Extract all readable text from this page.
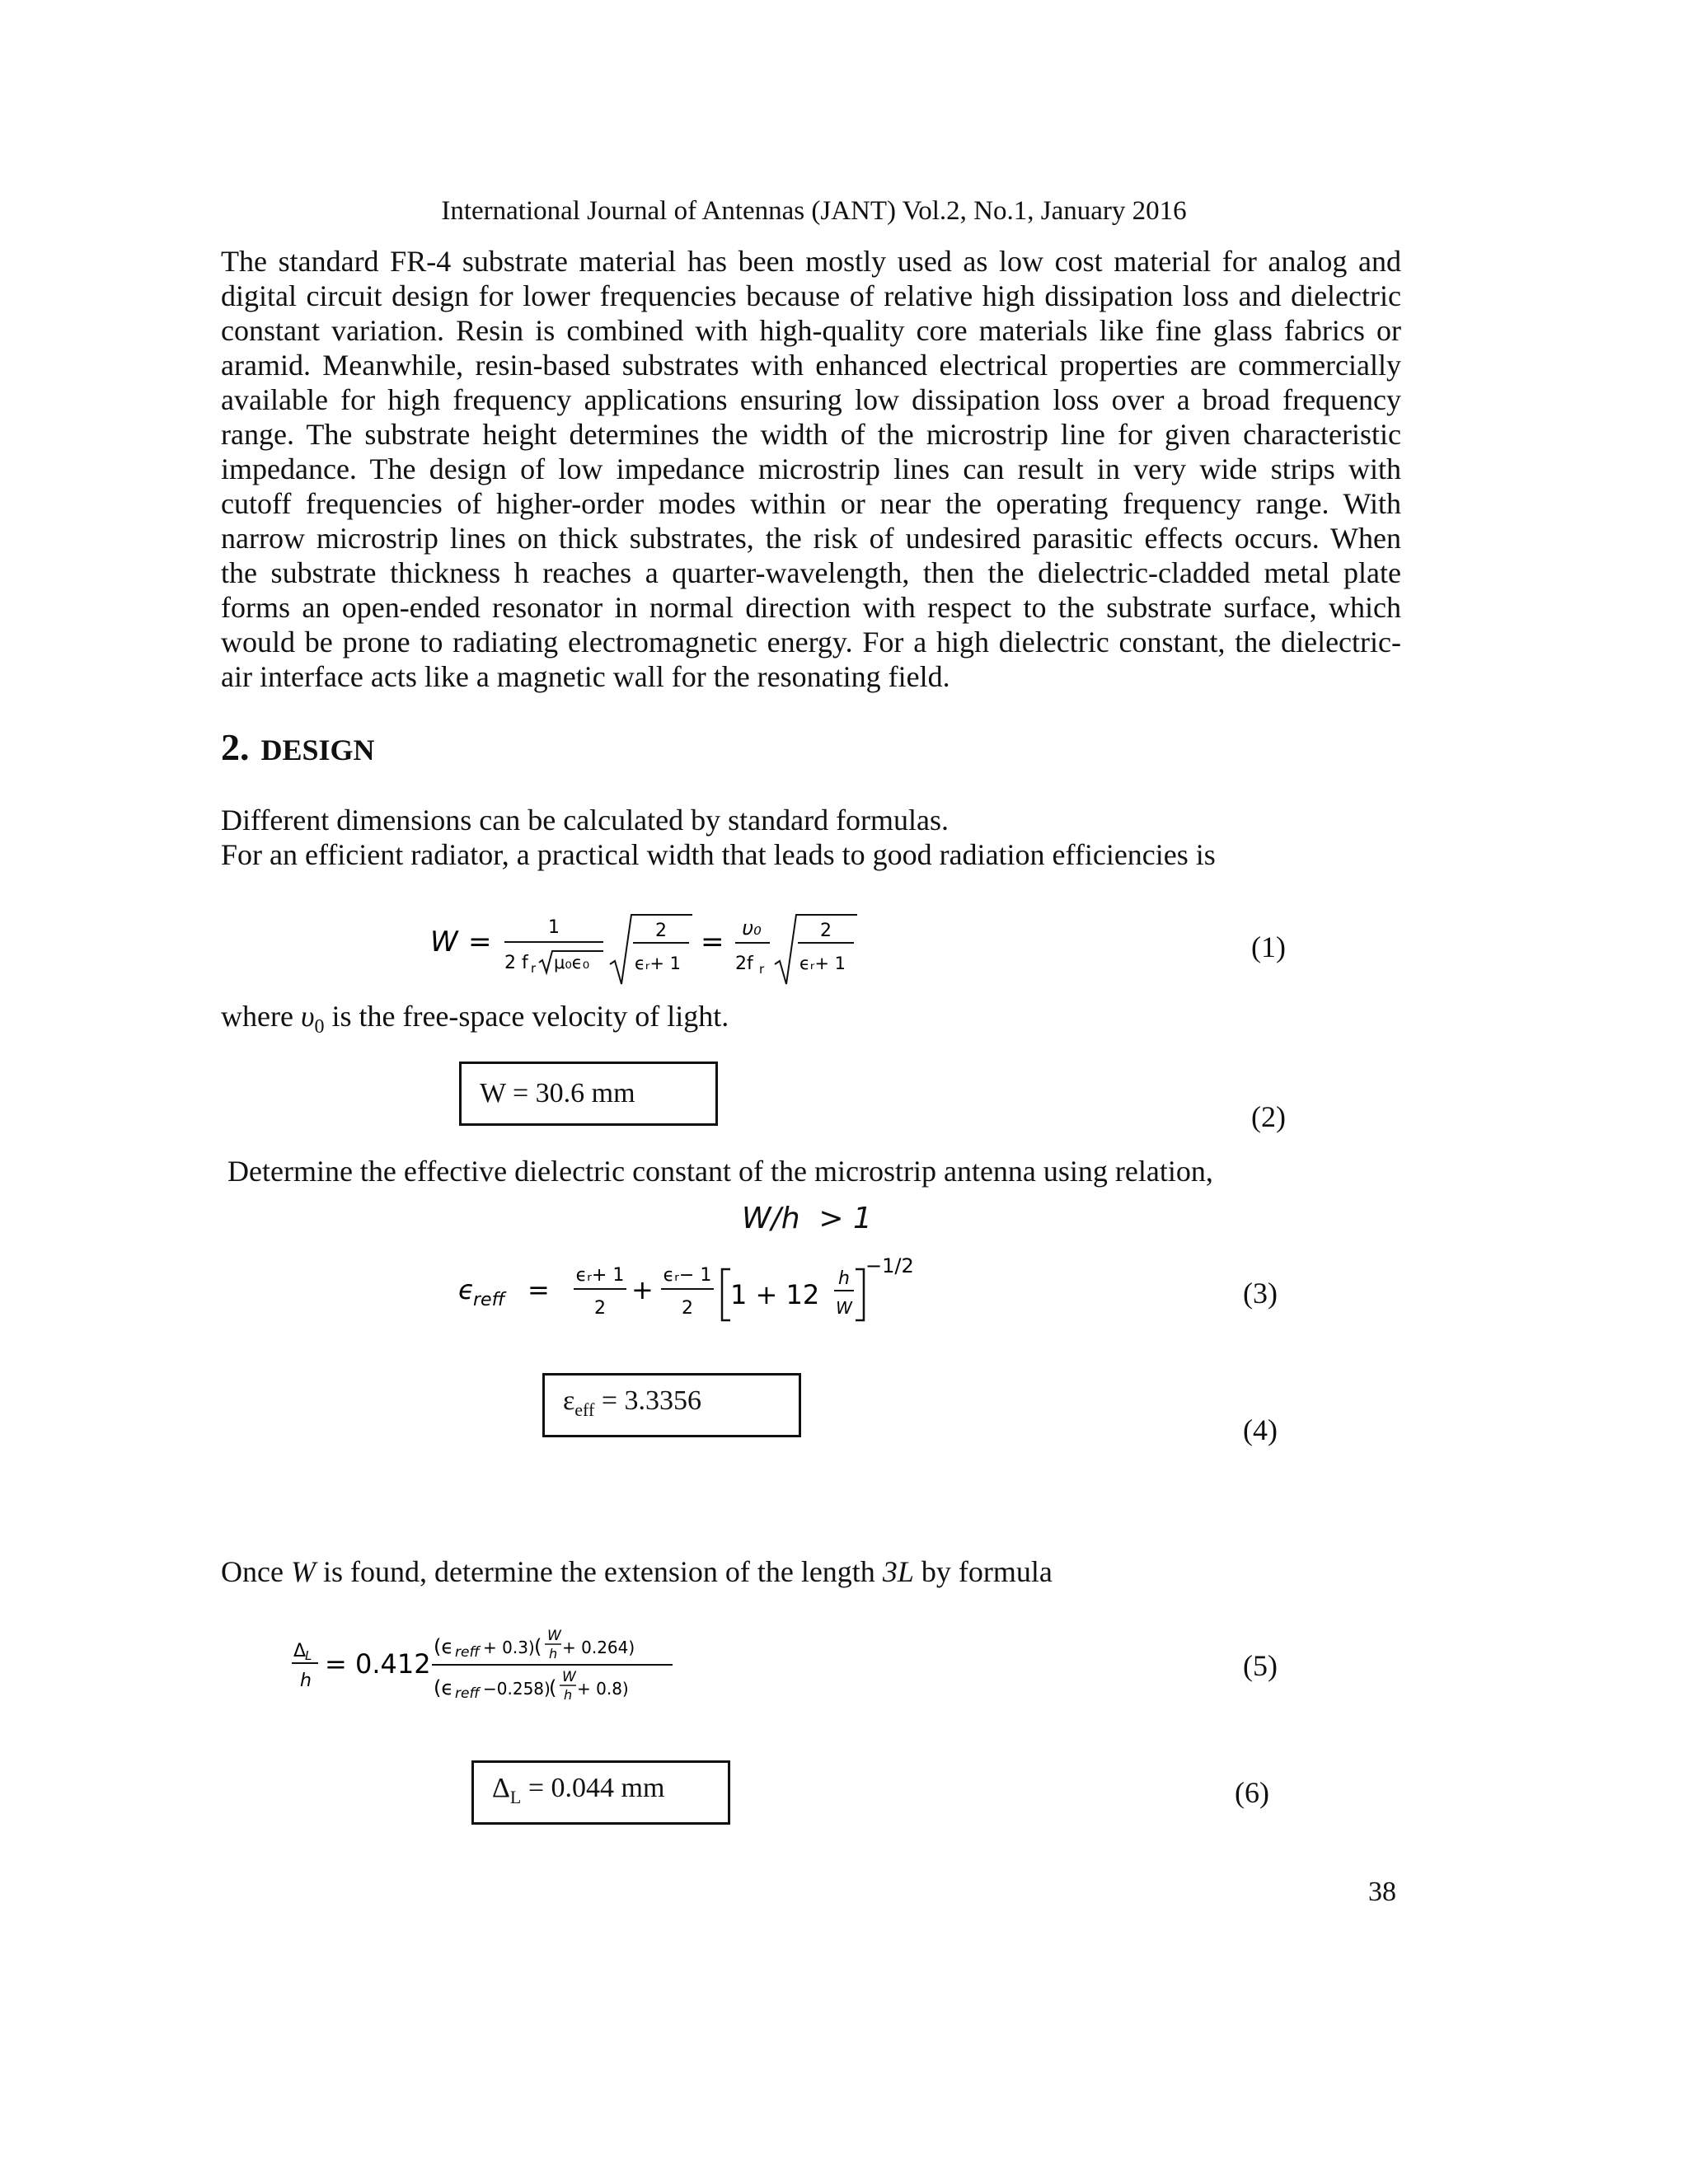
International Journal of Antennas (JANT) Vol.2, No.1, January 2016
The standard FR-4 substrate material has been mostly used as low cost material for analog and
digital circuit design for lower frequencies because of relative high dissipation loss and dielectric
constant variation. Resin is combined with high-quality core materials like fine glass fabrics or
aramid. Meanwhile, resin-based substrates with enhanced electrical properties are commercially
available for high frequency applications ensuring low dissipation loss over a broad frequency
range. The substrate height determines the width of the microstrip line for given characteristic
impedance. The design of low impedance microstrip lines can result in very wide strips with
cutoff frequencies of higher-order modes within or near the operating frequency range. With
narrow microstrip lines on thick substrates, the risk of undesired parasitic effects occurs. When
the substrate thickness h reaches a quarter-wavelength, then the dielectric-cladded metal plate
forms an open-ended resonator in normal direction with respect to the substrate surface, which
would be prone to radiating electromagnetic energy. For a high dielectric constant, the dielectric-
air interface acts like a magnetic wall for the resonating field.
2. DESIGN
Different dimensions can be calculated by standard formulas.
For an efficient radiator, a practical width that leads to good radiation efficiencies is
W =	1
2 f r μ₀ϵ₀
2
ϵᵣ+ 1
= υ₀
2f r
2
ϵᵣ+ 1	(1)
where $\upsilon_0$ is the free-space velocity of light.
W = 30.6 mm
(2)
Determine the effective dielectric constant of the microstrip antenna using relation,
W/h  > 1
ϵ
reff = ϵᵣ+ 1
2
+ ϵᵣ− 1
2 1 + 12
h
W
−1/2
(3)
$\varepsilon_{eff} = 3.3356$
(4)
Once W is found, determine the extension of the length 3L by formula
Δ
L
h
= 0.412
(ϵ reff + 0.3) ( W
h + 0.264)
(ϵ reff −0.258)
( W
h + 0.8)
(5)
$\Delta_L = 0.044$ mm	(6)
38
